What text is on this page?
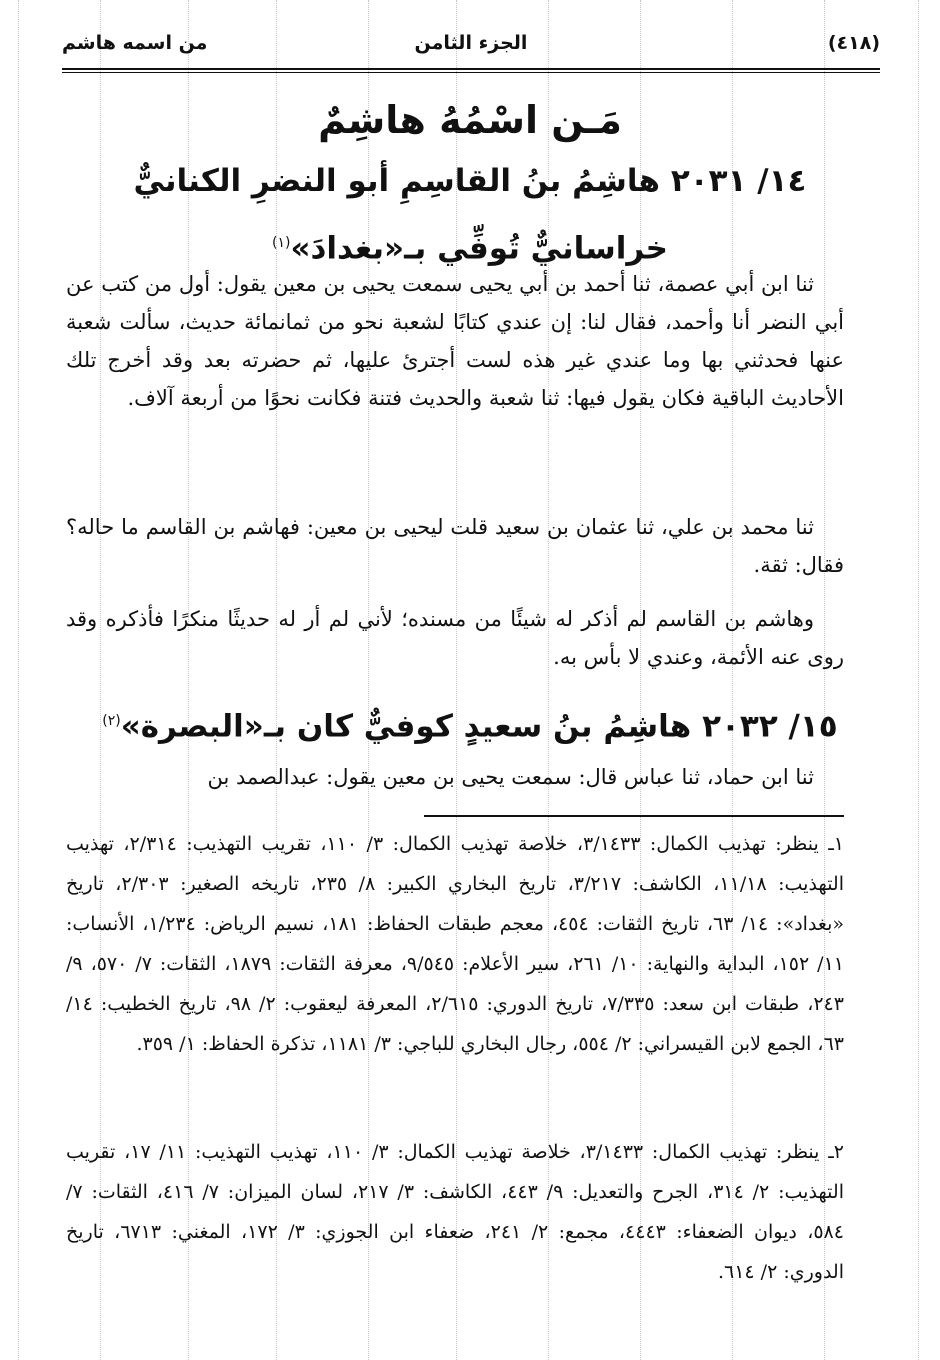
(٤١٨)
الجزء الثامن
من اسمه هاشم
مَـن اسْمُهُ هاشِمٌ
١٤/ ٢٠٣١ هاشِمُ بنُ القاسِمِ أبو النضرِ الكنانيٌّ
خراسانيٌّ تُوفِّي بـ«بغدادَ»$^{(١)}$

ثنا ابن أبي عصمة، ثنا أحمد بن أبي يحيى سمعت يحيى بن معين يقول: أول من كتب عن أبي النضر أنا وأحمد، فقال لنا: إن عندي كتابًا لشعبة نحو من ثمانمائة حديث، سألت شعبة عنها فحدثني بها وما عندي غير هذه لست أجترئ عليها، ثم حضرته بعد وقد أخرج تلك الأحاديث الباقية فكان يقول فيها: ثنا شعبة والحديث فتنة فكانت نحوًا من أربعة آلاف.

ثنا محمد بن علي، ثنا عثمان بن سعيد قلت ليحيى بن معين: فهاشم بن القاسم ما حاله؟ فقال: ثقة.

وهاشم بن القاسم لم أذكر له شيئًا من مسنده؛ لأني لم أر له حديثًا منكرًا فأذكره وقد روى عنه الأئمة، وعندي لا بأس به.

١٥/ ٢٠٣٢ هاشِمُ بنُ سعيدٍ كوفيٌّ كان بـ«البصرة»$^{(٢)}$

ثنا ابن حماد، ثنا عباس قال: سمعت يحيى بن معين يقول: عبدالصمد بن

١ـ ينظر: تهذيب الكمال: ٣/١٤٣٣، خلاصة تهذيب الكمال: ٣/ ١١٠، تقريب التهذيب: ٢/٣١٤، تهذيب التهذيب: ١١/١٨، الكاشف: ٣/٢١٧، تاريخ البخاري الكبير: ٨/ ٢٣٥، تاريخه الصغير: ٢/٣٠٣، تاريخ «بغداد»: ١٤/ ٦٣، تاريخ الثقات: ٤٥٤، معجم طبقات الحفاظ: ١٨١، نسيم الرياض: ١/٢٣٤، الأنساب: ١١/ ١٥٢، البداية والنهاية: ١٠/ ٢٦١، سير الأعلام: ٩/٥٤٥، معرفة الثقات: ١٨٧٩، الثقات: ٧/ ٥٧٠، ٩/ ٢٤٣، طبقات ابن سعد: ٧/٣٣٥، تاريخ الدوري: ٢/٦١٥، المعرفة ليعقوب: ٢/ ٩٨، تاريخ الخطيب: ١٤/ ٦٣، الجمع لابن القيسراني: ٢/ ٥٥٤، رجال البخاري للباجي: ٣/ ١١٨١، تذكرة الحفاظ: ١/ ٣٥٩.

٢ـ ينظر: تهذيب الكمال: ٣/١٤٣٣، خلاصة تهذيب الكمال: ٣/ ١١٠، تهذيب التهذيب: ١١/ ١٧، تقريب التهذيب: ٢/ ٣١٤، الجرح والتعديل: ٩/ ٤٤٣، الكاشف: ٣/ ٢١٧، لسان الميزان: ٧/ ٤١٦، الثقات: ٧/ ٥٨٤، ديوان الضعفاء: ٤٤٤٣، مجمع: ٢/ ٢٤١، ضعفاء ابن الجوزي: ٣/ ١٧٢، المغني: ٦٧١٣، تاريخ الدوري: ٢/ ٦١٤.
